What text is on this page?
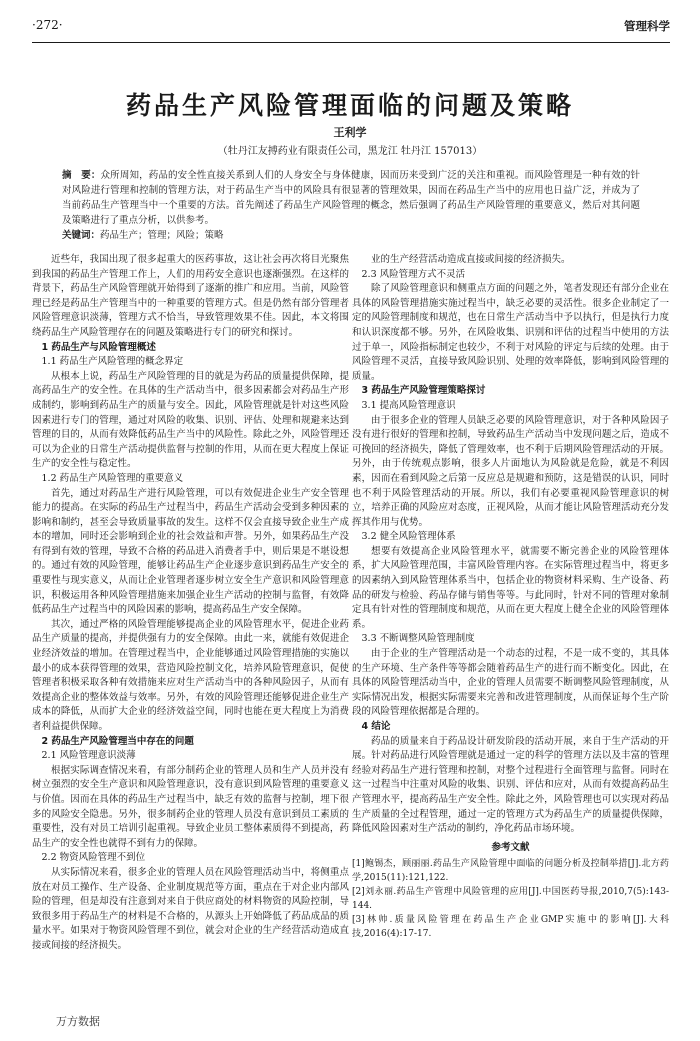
·272·	管理科学
药品生产风险管理面临的问题及策略
王利学
（牡丹江友搏药业有限责任公司，黑龙江 牡丹江 157013）

摘　要：众所周知，药品的安全性直接关系到人们的人身安全与身体健康，因而历来受到广泛的关注和重视。而风险管理是一种有效的针对风险进行管理和控制的管理方法，对于药品生产当中的风险具有很显著的管理效果，因而在药品生产当中的应用也日益广泛，并成为了当前药品生产管理当中一个重要的方法。首先阐述了药品生产风险管理的概念，然后强调了药品生产风险管理的重要意义，然后对其问题及策略进行了重点分析，以供参考。

关键词：药品生产；管理；风险；策略

近些年，我国出现了很多起重大的医药事故，这让社会再次将目光聚焦到我国的药品生产管理工作上，人们的用药安全意识也逐渐强烈。在这样的背景下，药品生产风险管理就开始得到了逐渐的推广和应用。当前，风险管理已经是药品生产管理当中的一种重要的管理方式。但是仍然有部分管理者风险管理意识淡薄，管理方式不恰当，导致管理效果不佳。因此，本文将围绕药品生产风险管理存在的问题及策略进行专门的研究和探讨。

1 药品生产与风险管理概述
1.1 药品生产风险管理的概念界定

从根本上说，药品生产风险管理的目的就是为药品的质量提供保障，提高药品生产的安全性。在具体的生产活动当中，很多因素都会对药品生产形成制约，影响到药品生产的质量与安全。因此，风险管理就是针对这些风险因素进行专门的管理，通过对风险的收集、识别、评估、处理和规避来达到管理的目的，从而有效降低药品生产当中的风险性。除此之外，风险管理还可以为企业的日常生产活动提供监督与控制的作用，从而在更大程度上保证生产的安全性与稳定性。

1.2 药品生产风险管理的重要意义

首先，通过对药品生产进行风险管理，可以有效促进企业生产安全管理能力的提高。在实际的药品生产过程当中，药品生产活动会受到多种因素的影响和制约，甚至会导致质量事故的发生。这样不仅会直接导致企业生产成本的增加，同时还会影响到企业的社会效益和声誉。另外，如果药品生产没有得到有效的管理，导致不合格的药品进入消费者手中，则后果是不堪设想的。通过有效的风险管理，能够让药品生产企业逐步意识到药品生产安全的重要性与现实意义，从而让企业管理者逐步树立安全生产意识和风险管理意识，积极运用各种风险管理措施来加强企业生产活动的控制与监督，有效降低药品生产过程当中的风险因素的影响，提高药品生产安全保障。

其次，通过严格的风险管理能够提高企业的风险管理水平，促进企业药品生产质量的提高，并提供强有力的安全保障。由此一来，就能有效促进企业经济效益的增加。在管理过程当中，企业能够通过风险管理措施的实施以最小的成本获得管理的效果，营造风险控制文化，培养风险管理意识，促使管理者积极采取各种有效措施来应对生产活动当中的各种风险因子，从而有效提高企业的整体效益与效率。另外，有效的风险管理还能够促进企业生产成本的降低，从而扩大企业的经济效益空间，同时也能在更大程度上为消费者利益提供保障。

2 药品生产风险管理当中存在的问题
2.1 风险管理意识淡薄

根据实际调查情况来看，有部分制药企业的管理人员和生产人员并没有树立强烈的安全生产意识和风险管理意识，没有意识到风险管理的重要意义与价值。因而在具体的药品生产过程当中，缺乏有效的监督与控制，埋下很多的风险安全隐患。另外，很多制药企业的管理人员没有意识到员工素质的重要性，没有对员工培训引起重视。导致企业员工整体素质得不到提高，药品生产的安全性也就得不到有力的保障。

2.2 物资风险管理不到位

从实际情况来看，很多企业的管理人员在风险管理活动当中，将侧重点放在对员工操作、生产设备、企业制度规范等方面，重点在于对企业内部风险的管理，但是却没有注意到对来自于供应商处的材料物资的风险控制，导致很多用于药品生产的材料是不合格的，从源头上开始降低了药品成品的质量水平。如果对于物资风险管理不到位，就会对企业的生产经营活动造成直接或间接的经济损失。

业的生产经营活动造成直接或间接的经济损失。

2.3 风险管理方式不灵活

除了风险管理意识和侧重点方面的问题之外，笔者发现还有部分企业在具体的风险管理措施实施过程当中，缺乏必要的灵活性。很多企业制定了一定的风险管理制度和规范，也在日常生产活动当中予以执行，但是执行力度和认识深度都不够。另外，在风险收集、识别和评估的过程当中使用的方法过于单一，风险指标制定也较少，不利于对风险的评定与后续的处理。由于风险管理不灵活，直接导致风险识别、处理的效率降低，影响到风险管理的质量。

3 药品生产风险管理策略探讨
3.1 提高风险管理意识

由于很多企业的管理人员缺乏必要的风险管理意识，对于各种风险因子没有进行很好的管理和控制，导致药品生产活动当中发现问题之后，造成不可挽回的经济损失，降低了管理效率，也不利于后期风险管理活动的开展。另外，由于传统观点影响，很多人片面地认为风险就是危险，就是不利因素，因而在看到风险之后第一反应总是规避和预防，这是错误的认识，同时也不利于风险管理活动的开展。所以，我们有必要重视风险管理意识的树立，培养正确的风险应对态度，正视风险，从而才能让风险管理活动充分发挥其作用与优势。

3.2 健全风险管理体系

想要有效提高企业风险管理水平，就需要不断完善企业的风险管理体系，扩大风险管理范围，丰富风险管理内容。在实际管理过程当中，将更多的因素纳入到风险管理体系当中，包括企业的物资材料采购、生产设备、药品的研发与检验、药品存储与销售等等。与此同时，针对不同的管理对象制定具有针对性的管理制度和规范，从而在更大程度上健全企业的风险管理体系。

3.3 不断调整风险管理制度

由于企业的生产管理活动是一个动态的过程，不是一成不变的，其具体的生产环境、生产条件等等都会随着药品生产的进行而不断变化。因此，在具体的风险管理活动当中，企业的管理人员需要不断调整风险管理制度，从实际情况出发，根据实际需要来完善和改进管理制度，从而保证每个生产阶段的风险管理依据都是合理的。

4 结论

药品的质量来自于药品设计研发阶段的活动开展，来自于生产活动的开展。针对药品进行风险管理就是通过一定的科学的管理方法以及丰富的管理经验对药品生产进行管理和控制，对整个过程进行全面管理与监督。同时在这一过程当中注重对风险的收集、识别、评估和应对，从而有效提高药品生产管理水平，提高药品生产安全性。除此之外，风险管理也可以实现对药品生产质量的全过程管理，通过一定的管理方式为药品生产的质量提供保障，降低风险因素对生产活动的制约，净化药品市场环境。

参考文献

[1]鲍锡杰，顾丽丽.药品生产风险管理中面临的问题分析及控制举措[J].北方药学,2015(11):121,122.

[2]刘永丽.药品生产管理中风险管理的应用[J].中国医药导报,2010,7(5):143-144.

[3]林帅.质量风险管理在药品生产企业GMP实施中的影响[J].大科技,2016(4):17-17.

万方数据
